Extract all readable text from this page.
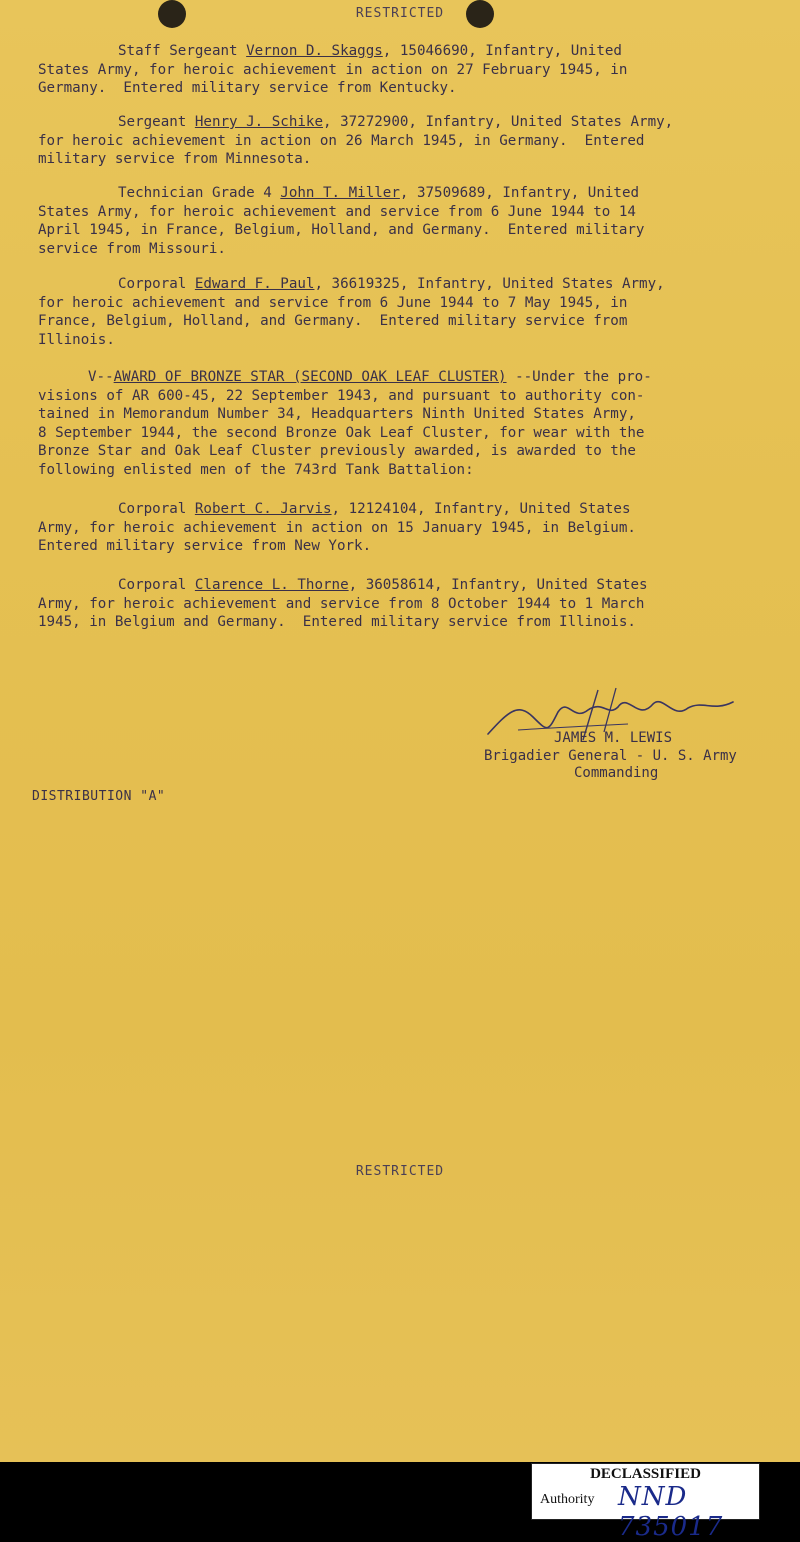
RESTRICTED

Staff Sergeant Vernon D. Skaggs, 15046690, Infantry, United
States Army, for heroic achievement in action on 27 February 1945, in
Germany.  Entered military service from Kentucky.

Sergeant Henry J. Schike, 37272900, Infantry, United States Army,
for heroic achievement in action on 26 March 1945, in Germany.  Entered
military service from Minnesota.

Technician Grade 4 John T. Miller, 37509689, Infantry, United
States Army, for heroic achievement and service from 6 June 1944 to 14
April 1945, in France, Belgium, Holland, and Germany.  Entered military
service from Missouri.

Corporal Edward F. Paul, 36619325, Infantry, United States Army,
for heroic achievement and service from 6 June 1944 to 7 May 1945, in
France, Belgium, Holland, and Germany.  Entered military service from
Illinois.

V--AWARD OF BRONZE STAR (SECOND OAK LEAF CLUSTER) --Under the pro-
visions of AR 600-45, 22 September 1943, and pursuant to authority con-
tained in Memorandum Number 34, Headquarters Ninth United States Army,
8 September 1944, the second Bronze Oak Leaf Cluster, for wear with the
Bronze Star and Oak Leaf Cluster previously awarded, is awarded to the
following enlisted men of the 743rd Tank Battalion:

Corporal Robert C. Jarvis, 12124104, Infantry, United States
Army, for heroic achievement in action on 15 January 1945, in Belgium.
Entered military service from New York.

Corporal Clarence L. Thorne, 36058614, Infantry, United States
Army, for heroic achievement and service from 8 October 1944 to 1 March
1945, in Belgium and Germany.  Entered military service from Illinois.

JAMES M. LEWIS
Brigadier General - U. S. Army
Commanding
DISTRIBUTION "A"
RESTRICTED
DECLASSIFIED
Authority NND 735017
